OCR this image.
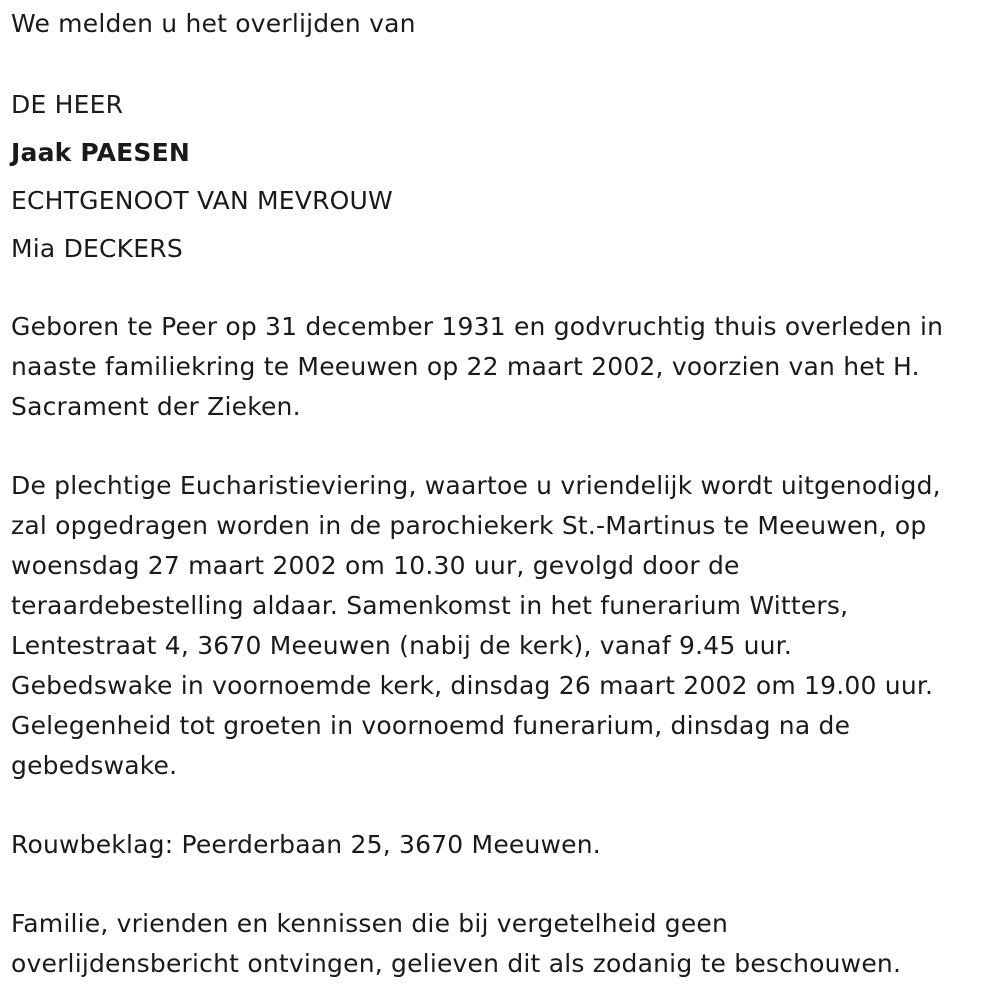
We melden u het overlijden van

DE HEER

Jaak PAESEN

ECHTGENOOT VAN MEVROUW

Mia DECKERS

Geboren te Peer op 31 december 1931 en godvruchtig thuis overleden in

naaste familiekring te Meeuwen op 22 maart 2002, voorzien van het H.

Sacrament der Zieken.

De plechtige Eucharistieviering, waartoe u vriendelijk wordt uitgenodigd,

zal opgedragen worden in de parochiekerk St.-Martinus te Meeuwen, op

woensdag 27 maart 2002 om 10.30 uur, gevolgd door de

teraardebestelling aldaar. Samenkomst in het funerarium Witters,

Lentestraat 4, 3670 Meeuwen (nabij de kerk), vanaf 9.45 uur.

Gebedswake in voornoemde kerk, dinsdag 26 maart 2002 om 19.00 uur.

Gelegenheid tot groeten in voornoemd funerarium, dinsdag na de

gebedswake.

Rouwbeklag: Peerderbaan 25, 3670 Meeuwen.

Familie, vrienden en kennissen die bij vergetelheid geen

overlijdensbericht ontvingen, gelieven dit als zodanig te beschouwen.
